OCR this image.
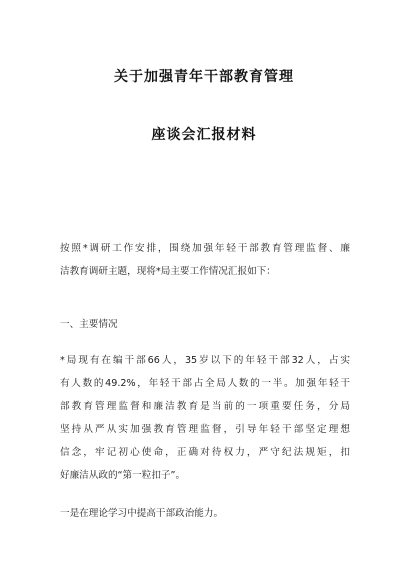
关于加强青年干部教育管理
座谈会汇报材料
按照*调研工作安排，围绕加强年轻干部教育管理监督、廉
洁教育调研主题，现将*局主要工作情况汇报如下：
一、主要情况
*局现有在编干部66人，35岁以下的年轻干部32人，占实
有人数的49.2%，年轻干部占全局人数的一半。加强年轻干
部教育管理监督和廉洁教育是当前的一项重要任务，分局
坚持从严从实加强教育管理监督，引导年轻干部坚定理想
信念，牢记初心使命，正确对待权力，严守纪法规矩，扣
好廉洁从政的“第一粒扣子”。
一是在理论学习中提高干部政治能力。
